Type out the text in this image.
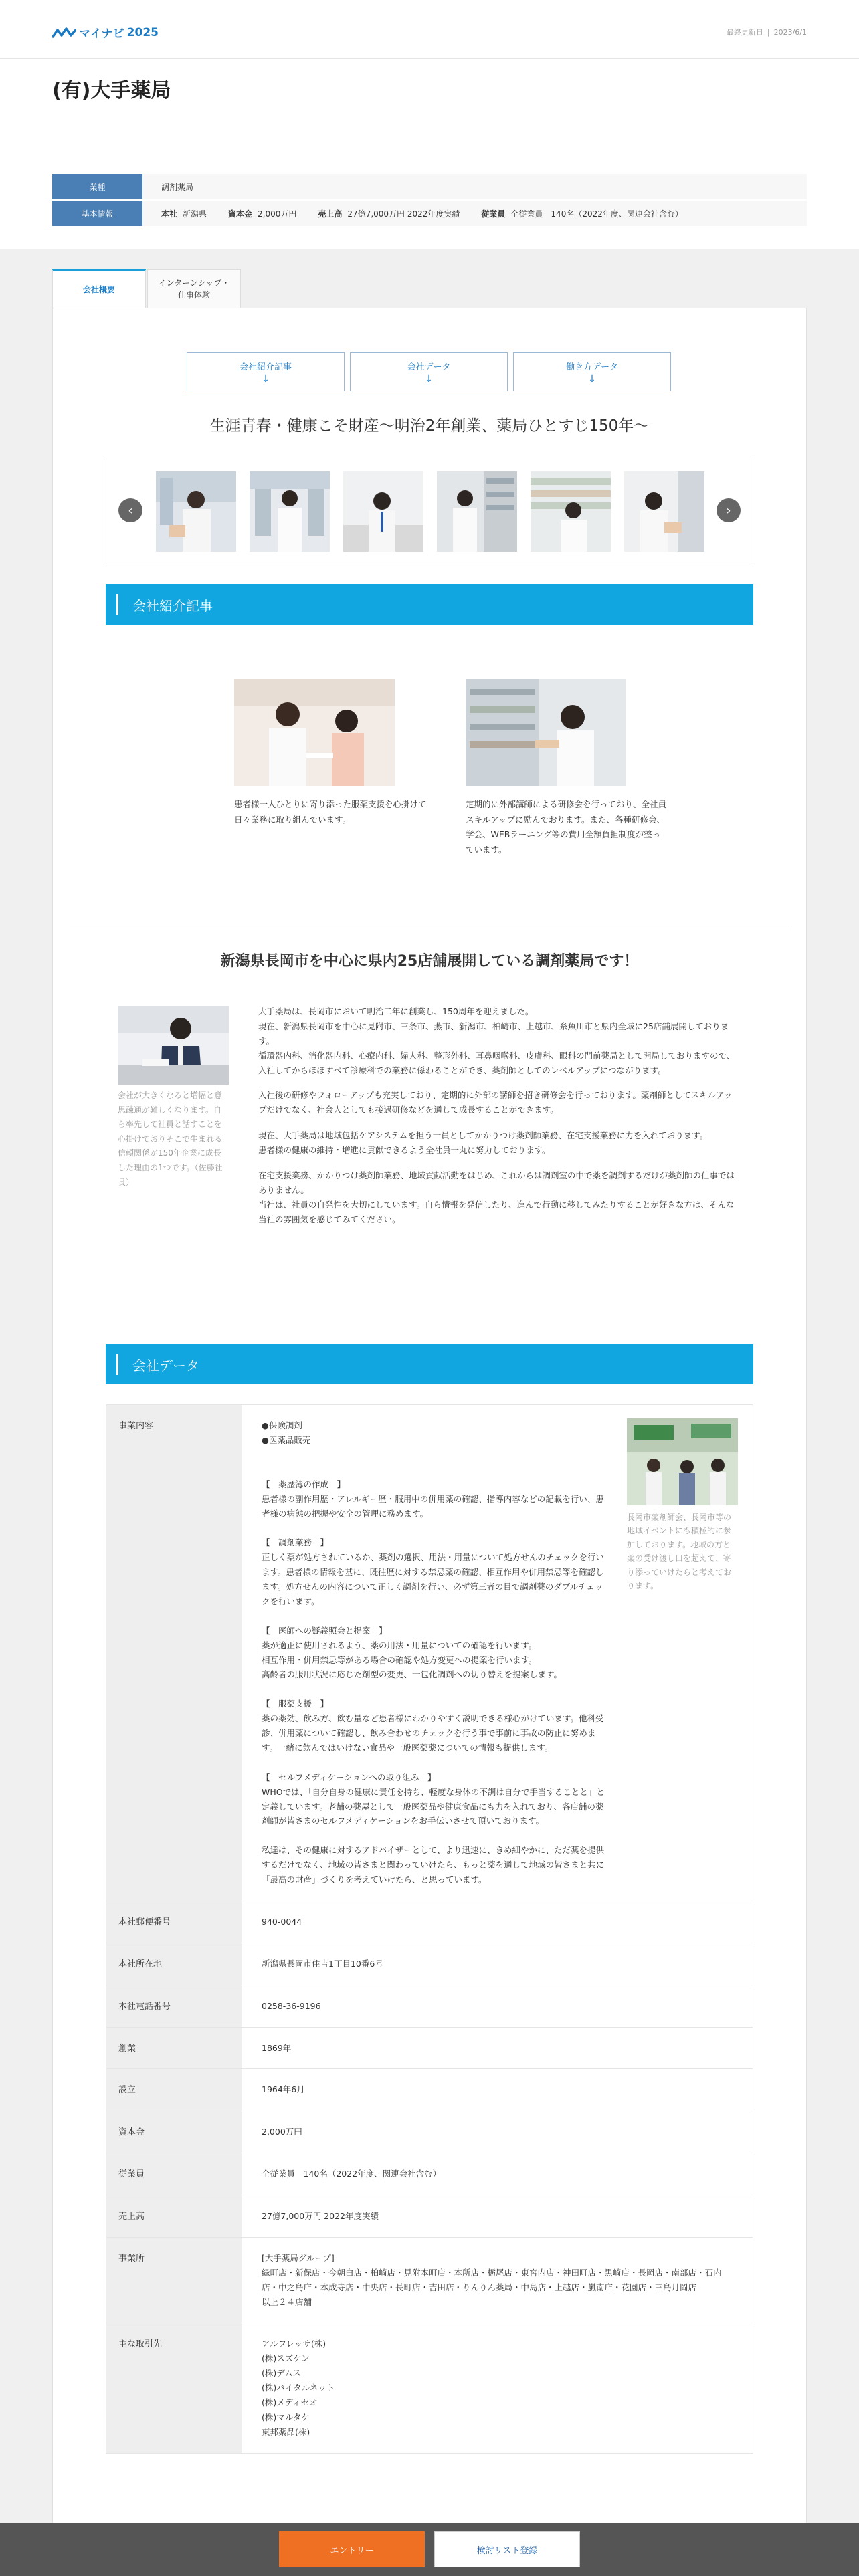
マイナビ 2025	最終更新日 | 2023/6/1
(有)大手薬局
業種	調剤薬局
基本情報	本社 新潟県	資本金 2,000万円	売上高 27億7,000万円 2022年度実績	従業員 全従業員　140名（2022年度、関連会社含む）
会社概要
インターンシップ・
仕事体験
会社紹介記事
↓
会社データ
↓
働き方データ
↓
生涯青春・健康こそ財産〜明治2年創業、薬局ひとすじ150年〜
‹	›
会社紹介記事
患者様一人ひとりに寄り添った服薬支援を心掛けて日々業務に取り組んでいます。
定期的に外部講師による研修会を行っており、全社員スキルアップに励んでおります。また、各種研修会、学会、WEBラーニング等の費用全額負担制度が整っています。
新潟県長岡市を中心に県内25店舗展開している調剤薬局です！
会社が大きくなると増幅と意思疎通が難しくなります。自ら率先して社員と話すことを心掛けておりそこで生まれる信頼関係が150年企業に成長した理由の1つです。（佐藤社長）

大手薬局は、長岡市において明治二年に創業し、150周年を迎えました。
現在、新潟県長岡市を中心に見附市、三条市、燕市、新潟市、柏崎市、上越市、糸魚川市と県内全域に25店舗展開しております。
循環器内科、消化器内科、心療内科、婦人科、整形外科、耳鼻咽喉科、皮膚科、眼科の門前薬局として開局しておりますので、入社してからほぼすべて診療科での業務に係わることができ、薬剤師としてのレベルアップにつながります。

入社後の研修やフォローアップも充実しており、定期的に外部の講師を招き研修会を行っております。薬剤師としてスキルアップだけでなく、社会人としても接遇研修などを通して成長することができます。

現在、大手薬局は地域包括ケアシステムを担う一員としてかかりつけ薬剤師業務、在宅支援業務に力を入れております。
患者様の健康の維持・増進に貢献できるよう全社員一丸に努力しております。

在宅支援業務、かかりつけ薬剤師業務、地域貢献活動をはじめ、これからは調剤室の中で薬を調剤するだけが薬剤師の仕事ではありません。
当社は、社員の自発性を大切にしています。自ら情報を発信したり、進んで行動に移してみたりすることが好きな方は、そんな当社の雰囲気を感じてみてください。

会社データ
事業内容	●保険調剤
●医薬品販売
【　薬歴簿の作成　】
患者様の副作用歴・アレルギー歴・服用中の併用薬の確認、指導内容などの記載を行い、患者様の病態の把握や安全の管理に務めます。
【　調剤業務　】
正しく薬が処方されているか、薬剤の選択、用法・用量について処方せんのチェックを行います。患者様の情報を基に、既往歴に対する禁忌薬の確認、相互作用や併用禁忌等を確認します。処方せんの内容について正しく調剤を行い、必ず第三者の目で調剤薬のダブルチェックを行います。
【　医師への疑義照会と提案　】
薬が適正に使用されるよう、薬の用法・用量についての確認を行います。
相互作用・併用禁忌等がある場合の確認や処方変更への提案を行います。
高齢者の服用状況に応じた剤型の変更、一包化調剤への切り替えを提案します。
【　服薬支援　】
薬の薬効、飲み方、飲む量など患者様にわかりやすく説明できる様心がけています。他科受診、併用薬について確認し、飲み合わせのチェックを行う事で事前に事故の防止に努めます。一緒に飲んではいけない食品や一般医薬薬についての情報も提供します。
【　セルフメディケーションへの取り組み　】
WHOでは、「自分自身の健康に責任を持ち、軽度な身体の不調は自分で手当することと」と定義しています。老舗の薬屋として一般医薬品や健康食品にも力を入れており、各店舗の薬剤師が皆さまのセルフメディケーションをお手伝いさせて頂いております。
私達は、その健康に対するアドバイザーとして、より迅速に、きめ細やかに、ただ薬を提供するだけでなく、地域の皆さまと関わっていけたら、もっと薬を通して地域の皆さまと共に「最高の財産」づくりを考えていけたら、と思っています。
長岡市薬剤師会、長岡市等の地域イベントにも積極的に参加しております。地域の方と薬の受け渡し口を超えて、寄り添っていけたらと考えております。
本社郵便番号	940-0044
本社所在地	新潟県長岡市住吉1丁目10番6号
本社電話番号	0258-36-9196
創業	1869年
設立	1964年6月
資本金	2,000万円
従業員	全従業員　140名（2022年度、関連会社含む）
売上高	27億7,000万円 2022年度実績
事業所	[大手薬局グループ]
緑町店・新保店・今朝白店・柏崎店・見附本町店・本所店・栃尾店・東宮内店・神田町店・黒崎店・長岡店・南部店・石内店・中之島店・本成寺店・中央店・長町店・吉田店・りんりん薬局・中島店・上越店・嵐南店・花園店・三島月岡店
以上２４店舗
主な取引先	アルフレッサ(株)
(株)スズケン
(株)デムス
(株)バイタルネット
(株)メディセオ
(株)マルタケ
東邦薬品(株)
エントリー	検討リスト登録
